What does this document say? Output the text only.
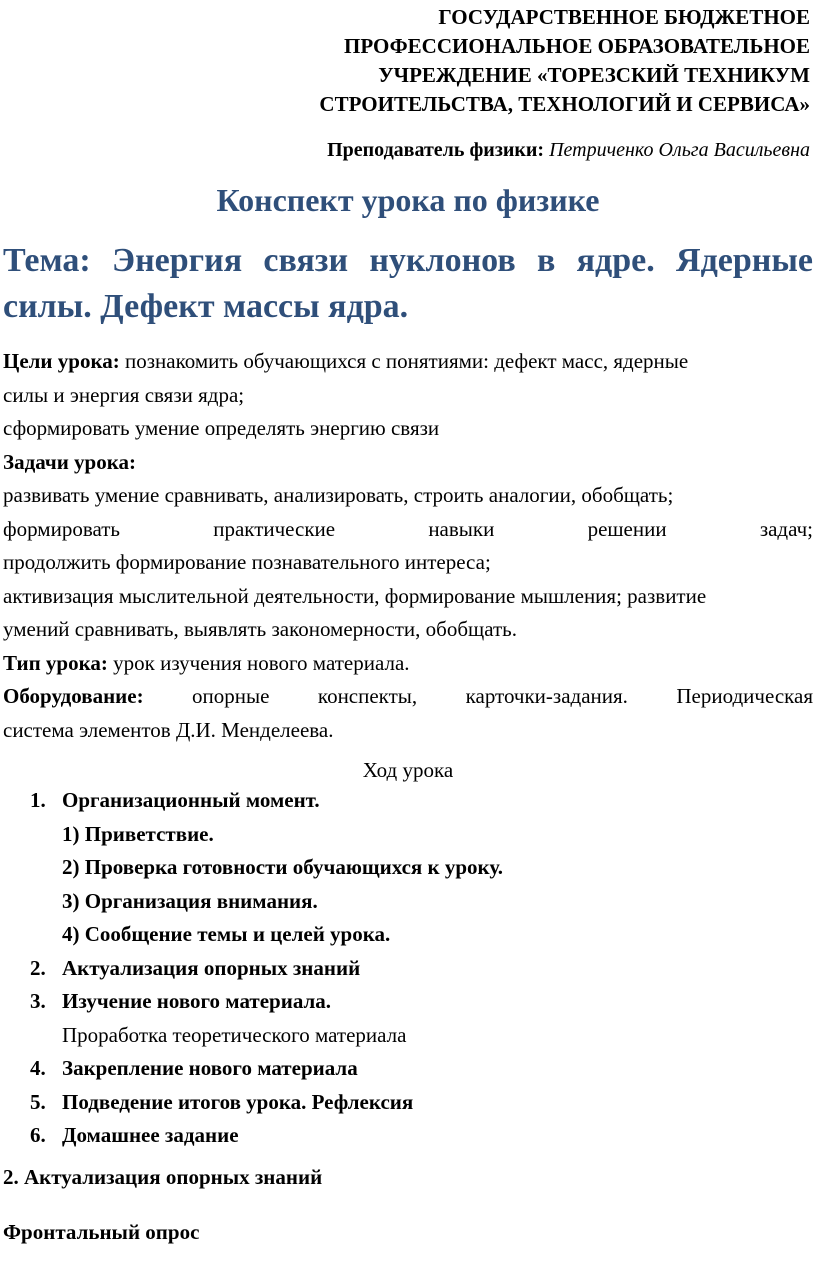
ГОСУДАРСТВЕННОЕ БЮДЖЕТНОЕ
ПРОФЕССИОНАЛЬНОЕ ОБРАЗОВАТЕЛЬНОЕ
УЧРЕЖДЕНИЕ «ТОРЕЗСКИЙ ТЕХНИКУМ
СТРОИТЕЛЬСТВА, ТЕХНОЛОГИЙ И СЕРВИСА»
Преподаватель физики: Петриченко Ольга Васильевна
Конспект урока по физике
Тема: Энергия связи нуклонов в ядре. Ядерные
силы. Дефект массы ядра.
Цели урока: познакомить обучающихся с понятиями: дефект масс, ядерные
силы и энергия связи ядра;
сформировать умение определять энергию связи
Задачи урока:
развивать умение сравнивать, анализировать, строить аналогии, обобщать;
формировать практические навыки решении задач;
продолжить формирование познавательного интереса;
активизация мыслительной деятельности, формирование мышления; развитие
умений сравнивать, выявлять закономерности, обобщать.
Тип урока: урок изучения нового материала.
Оборудование: опорные конспекты, карточки-задания. Периодическая
система элементов Д.И. Менделеева.
Ход урока
1. Организационный момент.
1) Приветствие.
2) Проверка готовности обучающихся к уроку.
3) Организация внимания.
4) Сообщение темы и целей урока.
2. Актуализация опорных знаний
3. Изучение нового материала.
Проработка теоретического материала
4. Закрепление нового материала
5. Подведение итогов урока. Рефлексия
6. Домашнее задание
2. Актуализация опорных знаний
Фронтальный опрос
